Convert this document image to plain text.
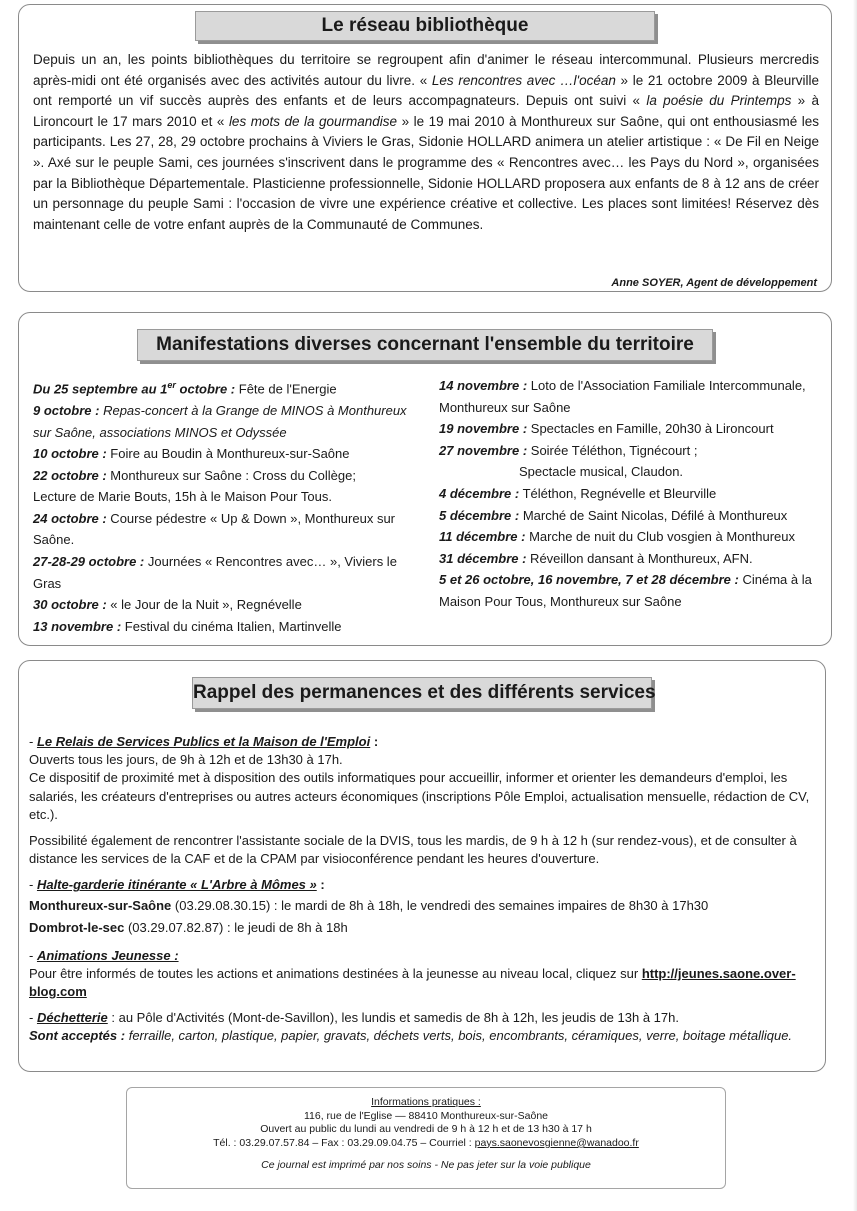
Le réseau bibliothèque
Depuis un an, les points bibliothèques du territoire se regroupent afin d'animer le réseau intercommunal. Plusieurs mercredis après-midi ont été organisés avec des activités autour du livre. « Les rencontres avec …l'océan » le 21 octobre 2009 à Bleurville ont remporté un vif succès auprès des enfants et de leurs accompagnateurs. Depuis ont suivi « la poésie du Printemps » à Lironcourt le 17 mars 2010 et « les mots de la gourmandise » le 19 mai 2010 à Monthureux sur Saône, qui ont enthousiasmé les participants. Les 27, 28, 29 octobre prochains à Viviers le Gras, Sidonie HOLLARD animera un atelier artistique : « De Fil en Neige ». Axé sur le peuple Sami, ces journées s'inscrivent dans le programme des « Rencontres avec… les Pays du Nord », organisées par la Bibliothèque Départementale. Plasticienne professionnelle, Sidonie HOLLARD proposera aux enfants de 8 à 12 ans de créer un personnage du peuple Sami : l'occasion de vivre une expérience créative et collective. Les places sont limitées! Réservez dès maintenant celle de votre enfant auprès de la Communauté de Communes.
Anne SOYER, Agent de développement
Manifestations diverses concernant l'ensemble du territoire

Du 25 septembre au 1er octobre : Fête de l'Energie

9 octobre : Repas-concert à la Grange de MINOS à Monthureux sur Saône, associations MINOS et Odyssée

10 octobre : Foire au Boudin à Monthureux-sur-Saône

22 octobre : Monthureux sur Saône : Cross du Collège;

Lecture de Marie Bouts, 15h à le Maison Pour Tous.

24 octobre : Course pédestre « Up & Down », Monthureux sur Saône.

27-28-29 octobre : Journées « Rencontres avec… », Viviers le Gras

30 octobre : « le Jour de la Nuit », Regnévelle

13 novembre : Festival du cinéma Italien, Martinvelle

14 novembre : Loto de l'Association Familiale Intercommunale, Monthureux sur Saône

19 novembre : Spectacles en Famille, 20h30 à Lironcourt

27 novembre : Soirée Téléthon, Tignécourt ;

Spectacle musical, Claudon.

4 décembre : Téléthon, Regnévelle et Bleurville

5 décembre : Marché de Saint Nicolas, Défilé à Monthureux

11 décembre : Marche de nuit du Club vosgien à Monthureux

31 décembre : Réveillon dansant à Monthureux, AFN.

5 et 26 octobre, 16 novembre, 7 et 28 décembre : Cinéma à la Maison Pour Tous, Monthureux sur Saône

Rappel des permanences et des différents services

- Le Relais de Services Publics et la Maison de l'Emploi :

Ouverts tous les jours, de 9h à 12h et de 13h30 à 17h.

Ce dispositif de proximité met à disposition des outils informatiques pour accueillir, informer et orienter les demandeurs d'emploi, les salariés, les créateurs d'entreprises ou autres acteurs économiques (inscriptions Pôle Emploi, actualisation mensuelle, rédaction de CV, etc.).

Possibilité également de rencontrer l'assistante sociale de la DVIS, tous les mardis, de 9 h à 12 h (sur rendez-vous), et de consulter à distance les services de la CAF et de la CPAM par visioconférence pendant les heures d'ouverture.

- Halte-garderie itinérante « L'Arbre à Mômes » :

Monthureux-sur-Saône (03.29.08.30.15) : le mardi de 8h à 18h, le vendredi des semaines impaires de 8h30 à 17h30

Dombrot-le-sec (03.29.07.82.87) : le jeudi de 8h à 18h

- Animations Jeunesse :

Pour être informés de toutes les actions et animations destinées à la jeunesse au niveau local, cliquez sur http://jeunes.saone.over-blog.com

- Déchetterie : au Pôle d'Activités (Mont-de-Savillon), les lundis et samedis de 8h à 12h, les jeudis de 13h à 17h.

Sont acceptés : ferraille, carton, plastique, papier, gravats, déchets verts, bois, encombrants, céramiques, verre, boitage métallique.

Informations pratiques :

116, rue de l'Eglise — 88410 Monthureux-sur-Saône

Ouvert au public du lundi au vendredi de 9 h à 12 h et de 13 h30 à 17 h

Tél. : 03.29.07.57.84 – Fax : 03.29.09.04.75 – Courriel : pays.saonevosgienne@wanadoo.fr

Ce journal est imprimé par nos soins - Ne pas jeter sur la voie publique
